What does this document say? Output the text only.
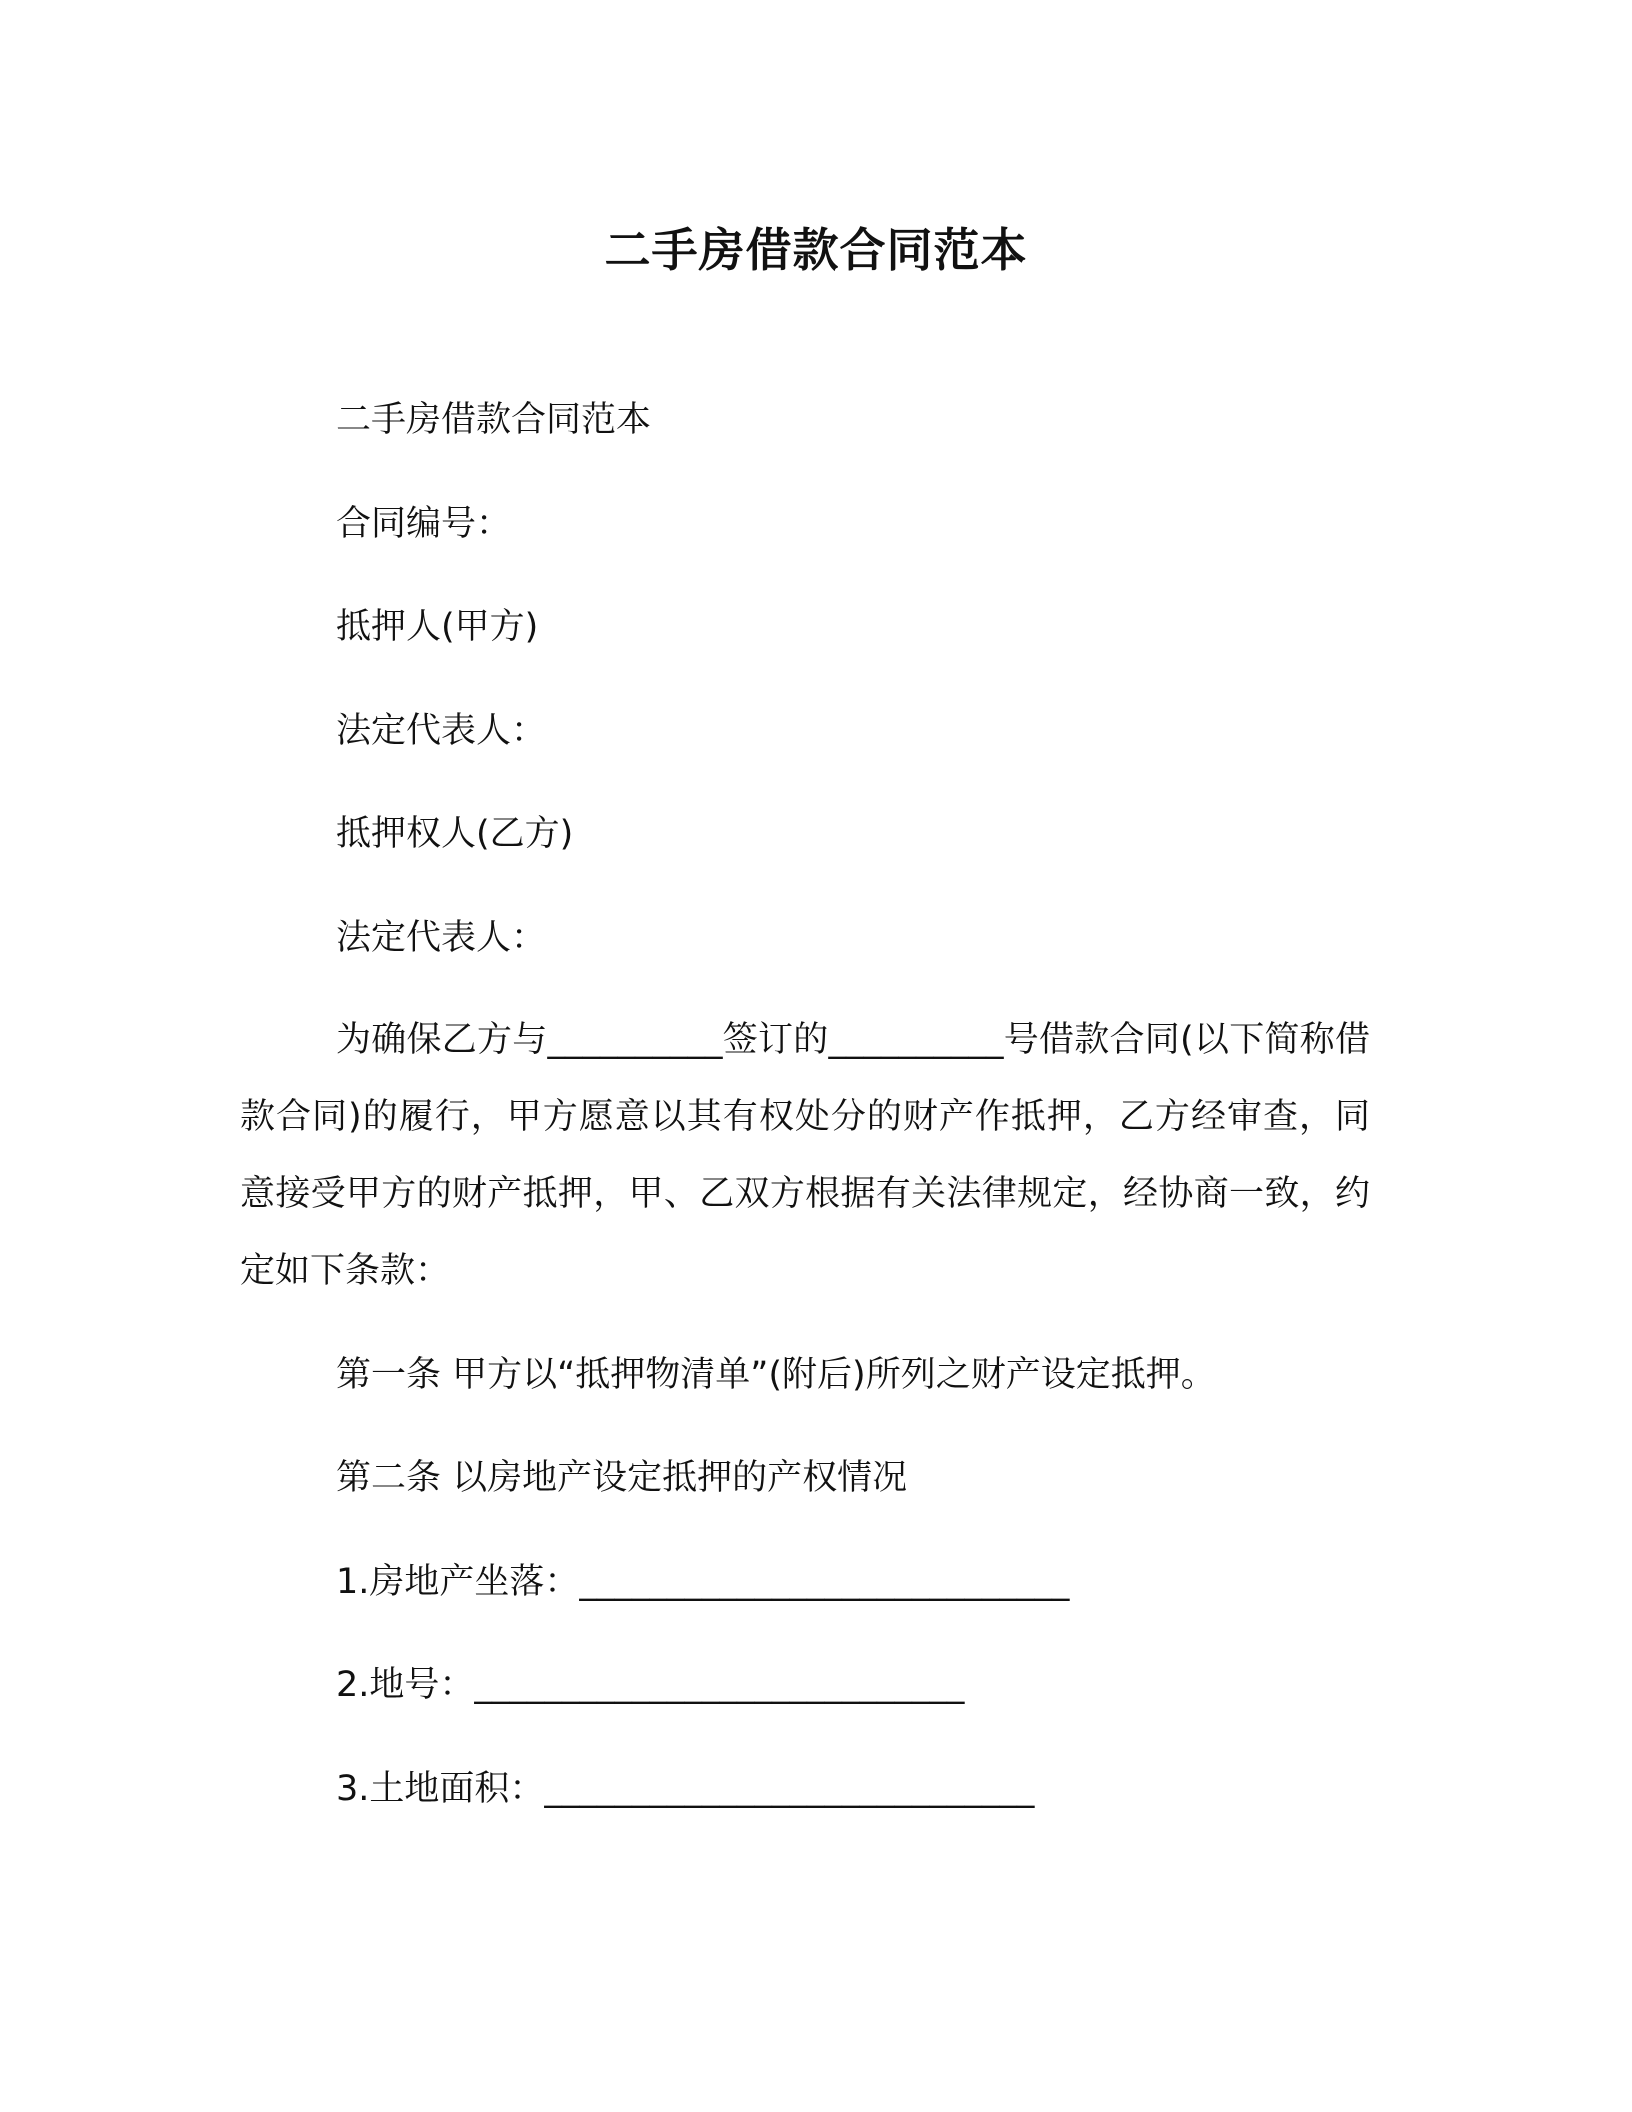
二手房借款合同范本

二手房借款合同范本

合同编号：

抵押人(甲方)

法定代表人：

抵押权人(乙方)

法定代表人：

为确保乙方与__________签订的__________号借款合同(以下简称借款合同)的履行，甲方愿意以其有权处分的财产作抵押，乙方经审查，同意接受甲方的财产抵押，甲、乙双方根据有关法律规定，经协商一致，约定如下条款：

第一条 甲方以“抵押物清单”(附后)所列之财产设定抵押。

第二条 以房地产设定抵押的产权情况

1.房地产坐落：____________________________

2.地号：____________________________

3.土地面积：____________________________
